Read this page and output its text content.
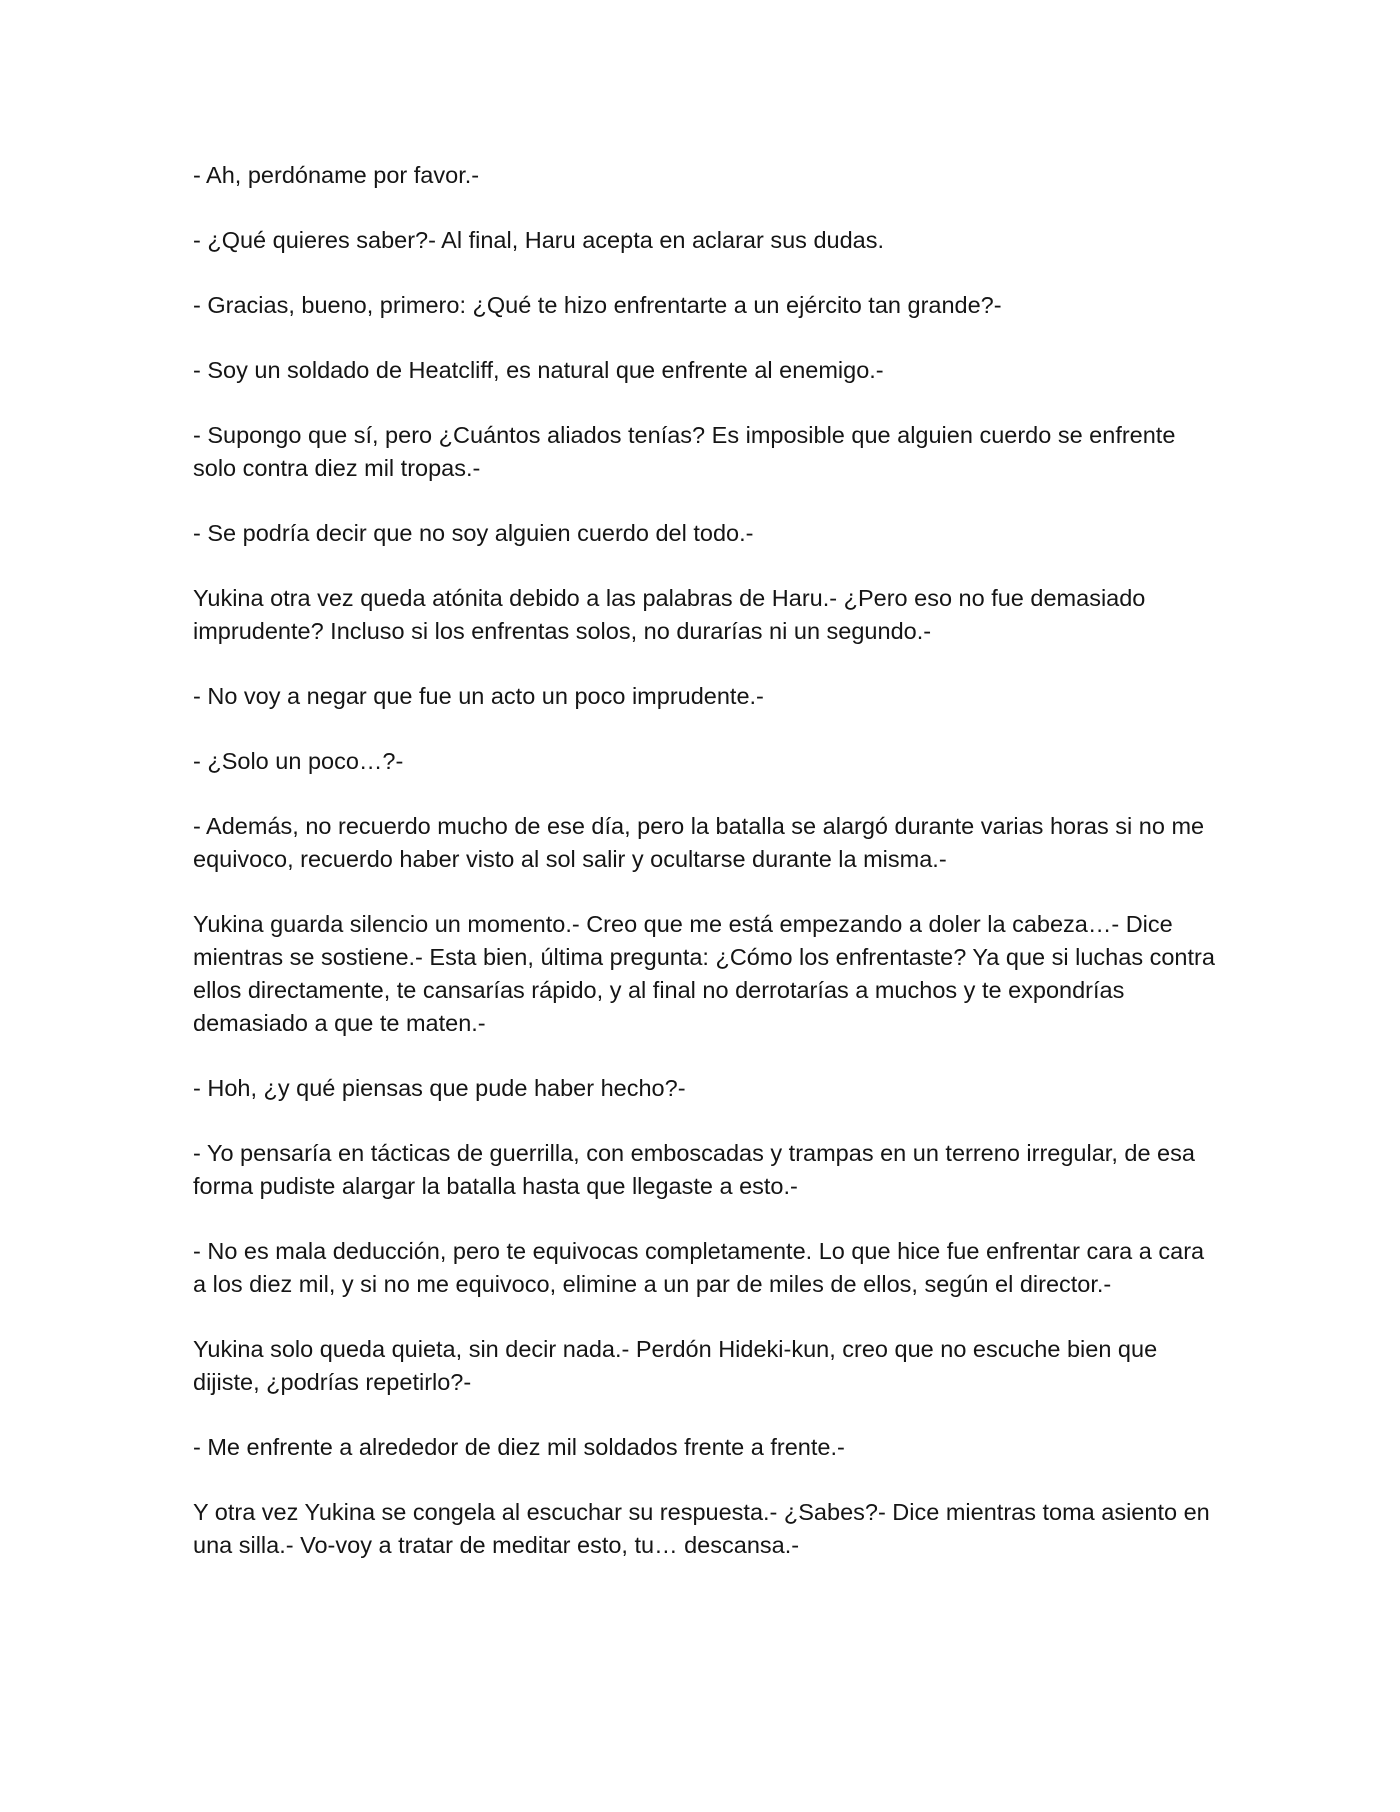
- Ah, perdóname por favor.-

- ¿Qué quieres saber?- Al final, Haru acepta en aclarar sus dudas.

- Gracias, bueno, primero: ¿Qué te hizo enfrentarte a un ejército tan grande?-

- Soy un soldado de Heatcliff, es natural que enfrente al enemigo.-

- Supongo que sí, pero ¿Cuántos aliados tenías? Es imposible que alguien cuerdo se enfrente solo contra diez mil tropas.-

- Se podría decir que no soy alguien cuerdo del todo.-

Yukina otra vez queda atónita debido a las palabras de Haru.- ¿Pero eso no fue demasiado imprudente? Incluso si los enfrentas solos, no durarías ni un segundo.-

- No voy a negar que fue un acto un poco imprudente.-

- ¿Solo un poco…?-

- Además, no recuerdo mucho de ese día, pero la batalla se alargó durante varias horas si no me equivoco, recuerdo haber visto al sol salir y ocultarse durante la misma.-

Yukina guarda silencio un momento.- Creo que me está empezando a doler la cabeza…- Dice mientras se sostiene.- Esta bien, última pregunta: ¿Cómo los enfrentaste? Ya que si luchas contra ellos directamente, te cansarías rápido, y al final no derrotarías a muchos y te expondrías demasiado a que te maten.-

- Hoh, ¿y qué piensas que pude haber hecho?-

- Yo pensaría en tácticas de guerrilla, con emboscadas y trampas en un terreno irregular, de esa forma pudiste alargar la batalla hasta que llegaste a esto.-

- No es mala deducción, pero te equivocas completamente. Lo que hice fue enfrentar cara a cara a los diez mil, y si no me equivoco, elimine a un par de miles de ellos, según el director.-

Yukina solo queda quieta, sin decir nada.- Perdón Hideki-kun, creo que no escuche bien que dijiste, ¿podrías repetirlo?-

- Me enfrente a alrededor de diez mil soldados frente a frente.-

Y otra vez Yukina se congela al escuchar su respuesta.- ¿Sabes?- Dice mientras toma asiento en una silla.- Vo-voy a tratar de meditar esto, tu… descansa.-
